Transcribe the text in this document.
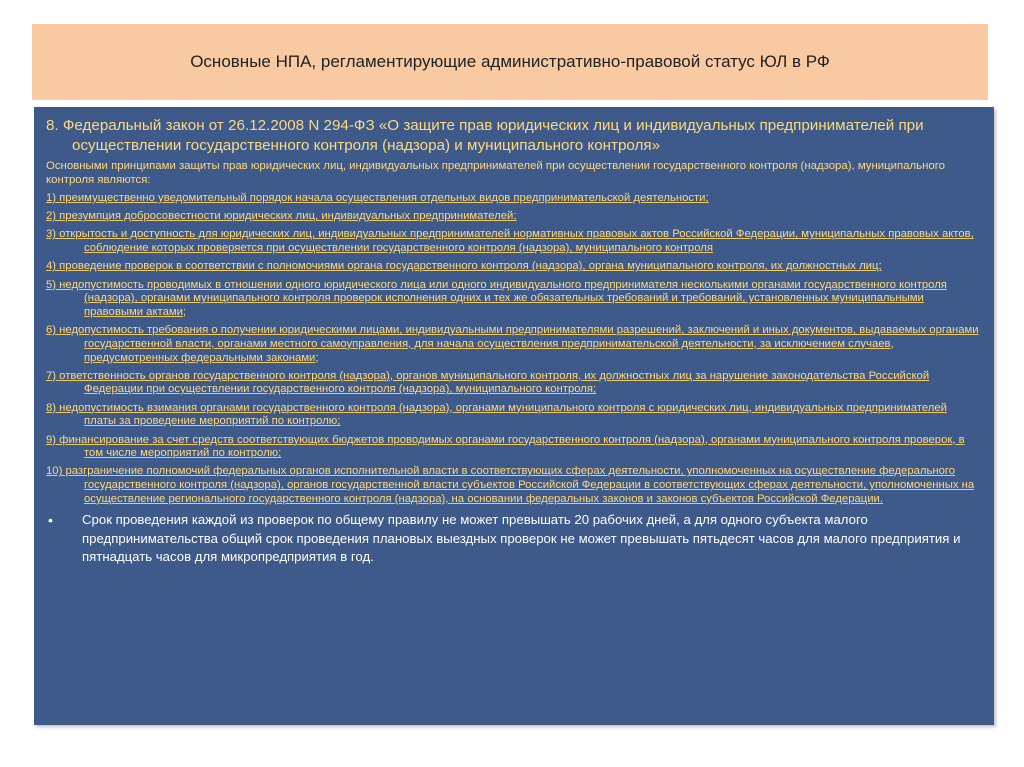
Основные НПА, регламентирующие административно-правовой статус ЮЛ в РФ

8. Федеральный закон от 26.12.2008 N 294-ФЗ «О защите прав юридических лиц и индивидуальных предпринимателей при осуществлении государственного контроля (надзора) и муниципального контроля»

Основными принципами защиты прав юридических лиц, индивидуальных предпринимателей при осуществлении государственного контроля (надзора), муниципального контроля являются:

1) преимущественно уведомительный порядок начала осуществления отдельных видов предпринимательской деятельности;
2) презумпция добросовестности юридических лиц, индивидуальных предпринимателей;
3) открытость и доступность для юридических лиц, индивидуальных предпринимателей нормативных правовых актов Российской Федерации, муниципальных правовых актов, соблюдение которых проверяется при осуществлении государственного контроля (надзора), муниципального контроля
4) проведение проверок в соответствии с полномочиями органа государственного контроля (надзора), органа муниципального контроля, их должностных лиц;
5) недопустимость проводимых в отношении одного юридического лица или одного индивидуального предпринимателя несколькими органами государственного контроля (надзора), органами муниципального контроля проверок исполнения одних и тех же обязательных требований и требований, установленных муниципальными правовыми актами;
6) недопустимость требования о получении юридическими лицами, индивидуальными предпринимателями разрешений, заключений и иных документов, выдаваемых органами государственной власти, органами местного самоуправления, для начала осуществления предпринимательской деятельности, за исключением случаев, предусмотренных федеральными законами;
7) ответственность органов государственного контроля (надзора), органов муниципального контроля, их должностных лиц за нарушение законодательства Российской Федерации при осуществлении государственного контроля (надзора), муниципального контроля;
8) недопустимость взимания органами государственного контроля (надзора), органами муниципального контроля с юридических лиц, индивидуальных предпринимателей платы за проведение мероприятий по контролю;
9) финансирование за счет средств соответствующих бюджетов проводимых органами государственного контроля (надзора), органами муниципального контроля проверок, в том числе мероприятий по контролю;
10) разграничение полномочий федеральных органов исполнительной власти в соответствующих сферах деятельности, уполномоченных на осуществление федерального государственного контроля (надзора), органов государственной власти субъектов Российской Федерации в соответствующих сферах деятельности, уполномоченных на осуществление регионального государственного контроля (надзора), на основании федеральных законов и законов субъектов Российской Федерации.
•	Срок проведения каждой из проверок по общему правилу не может превышать 20 рабочих дней, а для одного субъекта малого предпринимательства общий срок проведения плановых выездных проверок не может превышать пятьдесят часов для малого предприятия и пятнадцать часов для микропредприятия в год.
